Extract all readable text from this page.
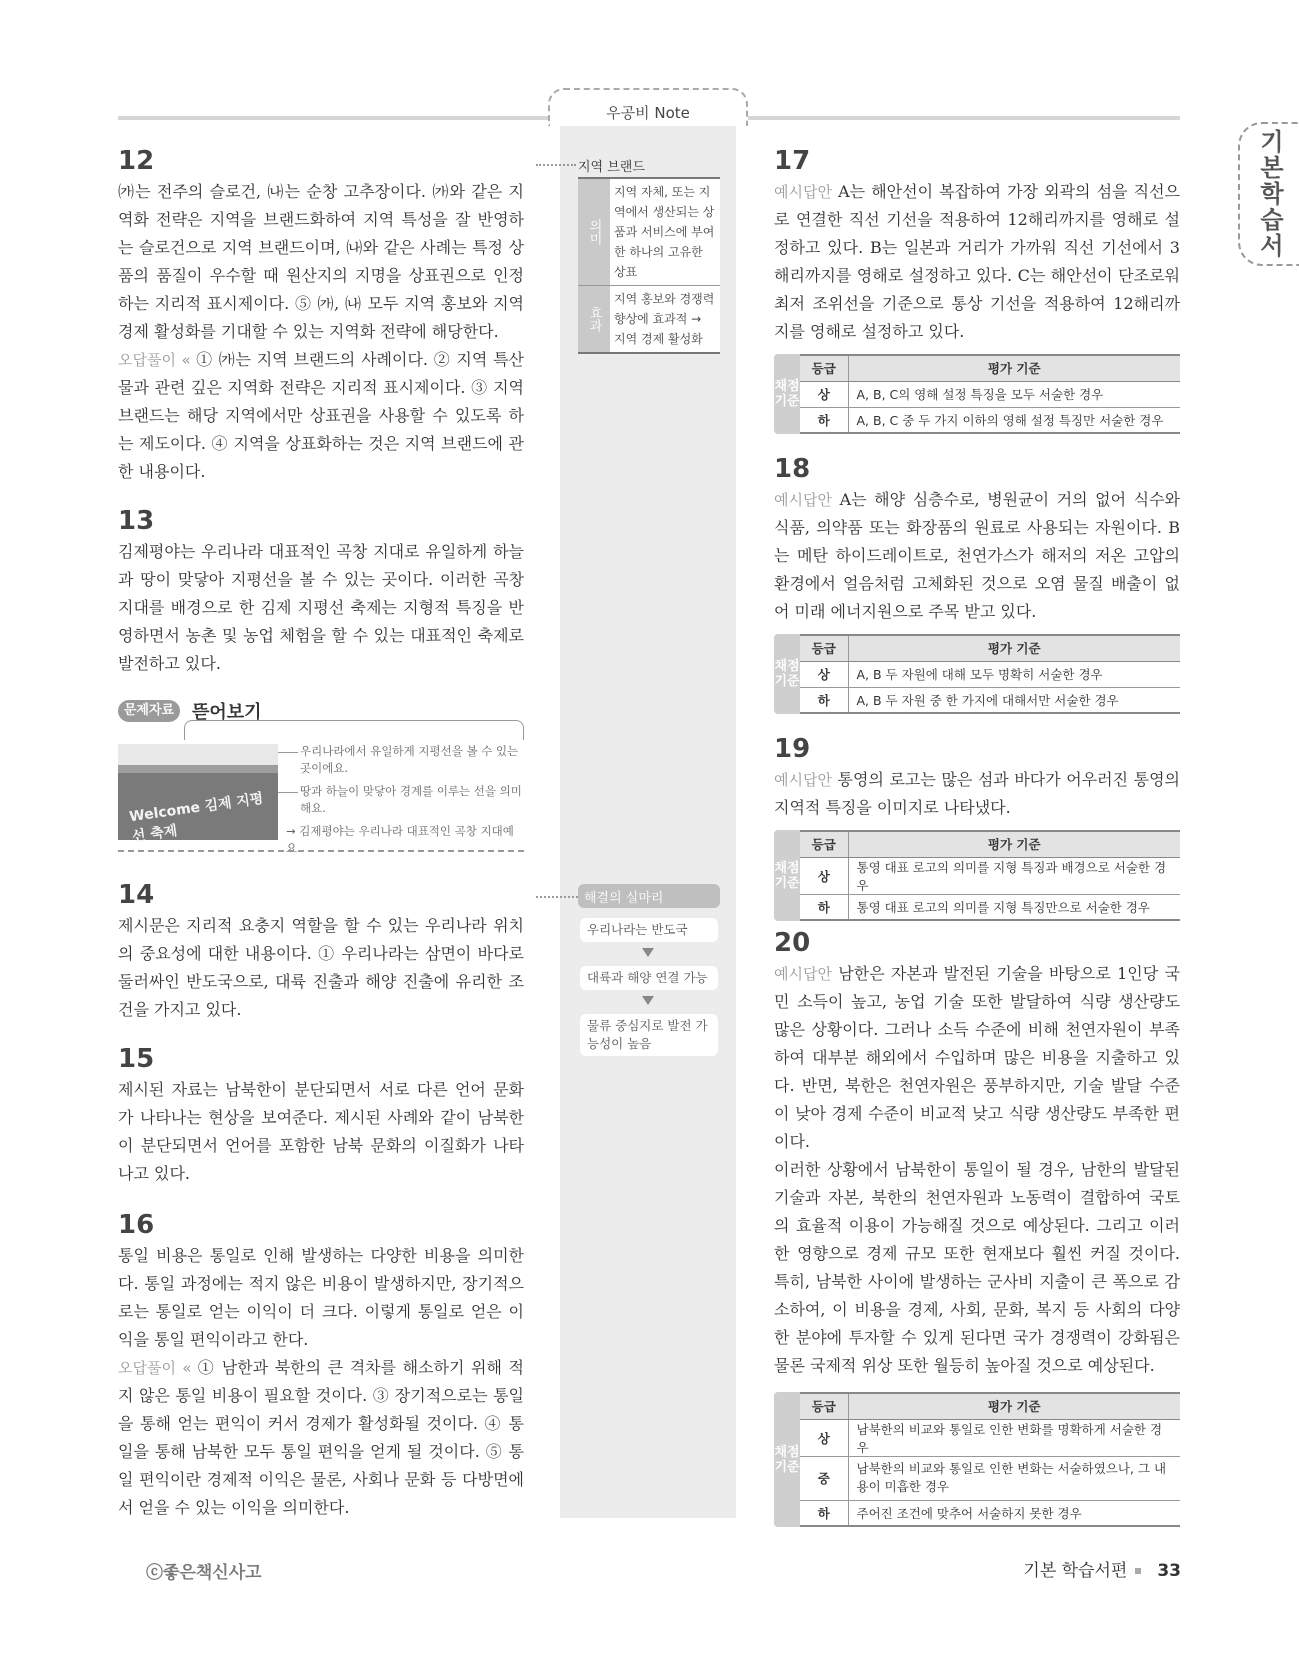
우공비 Note
기본학습서
12
㈎는 전주의 슬로건, ㈏는 순창 고추장이다. ㈎와 같은 지역화 전략은 지역을 브랜드화하여 지역 특성을 잘 반영하는 슬로건으로 지역 브랜드이며, ㈏와 같은 사례는 특정 상품의 품질이 우수할 때 원산지의 지명을 상표권으로 인정하는 지리적 표시제이다. ⑤ ㈎, ㈏ 모두 지역 홍보와 지역 경제 활성화를 기대할 수 있는 지역화 전략에 해당한다.
오답풀이 « ① ㈎는 지역 브랜드의 사례이다. ② 지역 특산물과 관련 깊은 지역화 전략은 지리적 표시제이다. ③ 지역 브랜드는 해당 지역에서만 상표권을 사용할 수 있도록 하는 제도이다. ④ 지역을 상표화하는 것은 지역 브랜드에 관한 내용이다.
13
김제평야는 우리나라 대표적인 곡창 지대로 유일하게 하늘과 땅이 맞닿아 지평선을 볼 수 있는 곳이다. 이러한 곡창 지대를 배경으로 한 김제 지평선 축제는 지형적 특징을 반영하면서 농촌 및 농업 체험을 할 수 있는 대표적인 축제로 발전하고 있다.
문제자료 뜯어보기
Welcome 김제 지평선 축제
우리나라에서 유일하게 지평선을 볼 수 있는 곳이에요.
땅과 하늘이 맞닿아 경계를 이루는 선을 의미해요.
→ 김제평야는 우리나라 대표적인 곡창 지대예요.
14
제시문은 지리적 요충지 역할을 할 수 있는 우리나라 위치의 중요성에 대한 내용이다. ① 우리나라는 삼면이 바다로 둘러싸인 반도국으로, 대륙 진출과 해양 진출에 유리한 조건을 가지고 있다.
15
제시된 자료는 남북한이 분단되면서 서로 다른 언어 문화가 나타나는 현상을 보여준다. 제시된 사례와 같이 남북한이 분단되면서 언어를 포함한 남북 문화의 이질화가 나타나고 있다.
16
통일 비용은 통일로 인해 발생하는 다양한 비용을 의미한다. 통일 과정에는 적지 않은 비용이 발생하지만, 장기적으로는 통일로 얻는 이익이 더 크다. 이렇게 통일로 얻은 이익을 통일 편익이라고 한다.
오답풀이 « ① 남한과 북한의 큰 격차를 해소하기 위해 적지 않은 통일 비용이 필요할 것이다. ③ 장기적으로는 통일을 통해 얻는 편익이 커서 경제가 활성화될 것이다. ④ 통일을 통해 남북한 모두 통일 편익을 얻게 될 것이다. ⑤ 통일 편익이란 경제적 이익은 물론, 사회나 문화 등 다방면에서 얻을 수 있는 이익을 의미한다.
지역 브랜드
의미
지역 자체, 또는 지역에서 생산되는 상품과 서비스에 부여한 하나의 고유한 상표
효과
지역 홍보와 경쟁력 향상에 효과적 → 지역 경제 활성화
해결의 실마리
우리나라는 반도국
대륙과 해양 연결 가능
물류 중심지로 발전 가능성이 높음
17
예시답안 A는 해안선이 복잡하여 가장 외곽의 섬을 직선으로 연결한 직선 기선을 적용하여 12해리까지를 영해로 설정하고 있다. B는 일본과 거리가 가까워 직선 기선에서 3해리까지를 영해로 설정하고 있다. C는 해안선이 단조로워 최저 조위선을 기준으로 통상 기선을 적용하여 12해리까지를 영해로 설정하고 있다.
채점기준
등급	평가 기준
상	A, B, C의 영해 설정 특징을 모두 서술한 경우
하	A, B, C 중 두 가지 이하의 영해 설정 특징만 서술한 경우
18
예시답안 A는 해양 심층수로, 병원균이 거의 없어 식수와 식품, 의약품 또는 화장품의 원료로 사용되는 자원이다. B는 메탄 하이드레이트로, 천연가스가 해저의 저온 고압의 환경에서 얼음처럼 고체화된 것으로 오염 물질 배출이 없어 미래 에너지원으로 주목 받고 있다.
채점기준
등급	평가 기준
상	A, B 두 자원에 대해 모두 명확히 서술한 경우
하	A, B 두 자원 중 한 가지에 대해서만 서술한 경우
19
예시답안 통영의 로고는 많은 섬과 바다가 어우러진 통영의 지역적 특징을 이미지로 나타냈다.
채점기준
등급	평가 기준
상	통영 대표 로고의 의미를 지형 특징과 배경으로 서술한 경우
하	통영 대표 로고의 의미를 지형 특징만으로 서술한 경우
20
예시답안 남한은 자본과 발전된 기술을 바탕으로 1인당 국민 소득이 높고, 농업 기술 또한 발달하여 식량 생산량도 많은 상황이다. 그러나 소득 수준에 비해 천연자원이 부족하여 대부분 해외에서 수입하며 많은 비용을 지출하고 있다. 반면, 북한은 천연자원은 풍부하지만, 기술 발달 수준이 낮아 경제 수준이 비교적 낮고 식량 생산량도 부족한 편이다.
이러한 상황에서 남북한이 통일이 될 경우, 남한의 발달된 기술과 자본, 북한의 천연자원과 노동력이 결합하여 국토의 효율적 이용이 가능해질 것으로 예상된다. 그리고 이러한 영향으로 경제 규모 또한 현재보다 훨씬 커질 것이다. 특히, 남북한 사이에 발생하는 군사비 지출이 큰 폭으로 감소하여, 이 비용을 경제, 사회, 문화, 복지 등 사회의 다양한 분야에 투자할 수 있게 된다면 국가 경쟁력이 강화됨은 물론 국제적 위상 또한 월등히 높아질 것으로 예상된다.
채점기준
등급	평가 기준
상	남북한의 비교와 통일로 인한 변화를 명확하게 서술한 경우
중	남북한의 비교와 통일로 인한 변화는 서술하였으나, 그 내용이 미흡한 경우
하	주어진 조건에 맞추어 서술하지 못한 경우
ⓒ좋은책신사고	기본 학습서편 33
